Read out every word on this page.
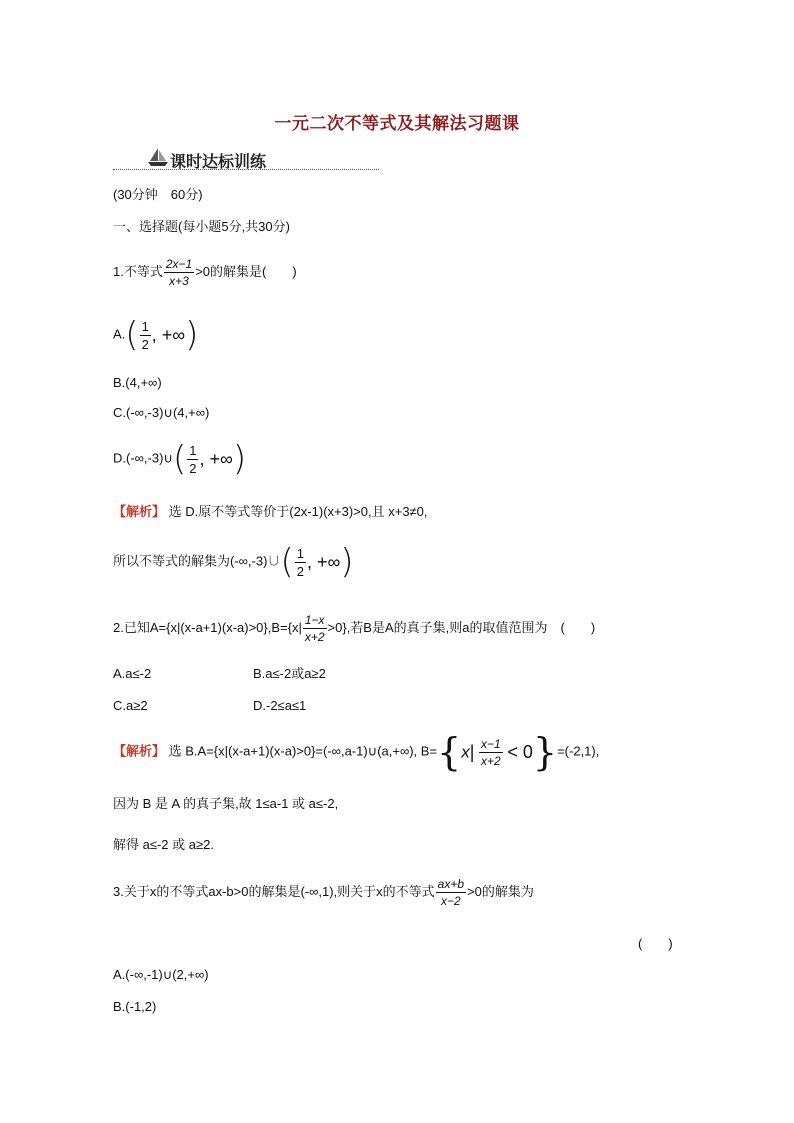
一元二次不等式及其解法习题课
课时达标训练
(30分钟　60分)
一、选择题(每小题5分,共30分)
1.不等式 $\frac{2x-1}{x+3} >0$的解集是(　　)
$A.( \frac{1}{2}$ , +∞)
B.(4,+∞)
C.(-∞,-3)∪(4,+∞)
D.(-∞,-3)∪( $\frac{1}{2}$ , +∞)
【解析】 选 D.原不等式等价于(2x-1)(x+3)>0,且 x+3≠0,
所以不等式的解集为(-∞,-3)∪( $\frac{1}{2}$ , +∞)
2.已知$A=\{x|(x-a+1)(x-a)>0\},B=\{x| \frac{1-x}{x+2} >0\}$,若B是A的真子集,则a的取值范围为　(　　)
A.a≤-2	B.a≤-2或a≥2
C.a≥2	D.-2≤a≤1
【解析】 选 B.A={x|(x-a+1)(x-a)>0}=(-∞,a-1)∪(a,+∞), $B=\{x| \frac{x-1}{x+2} < 0\}=(-2,1)$,
因为 B 是 A 的真子集,故 1≤a-1 或 a≤-2,
解得 a≤-2 或 a≥2.
3.关于x的不等式ax-b>0的解集是(-∞,1),则关于x的不等式 $\frac{ax+b}{x-2} >0$的解集为
(　　)
A.(-∞,-1)∪(2,+∞)
B.(-1,2)
